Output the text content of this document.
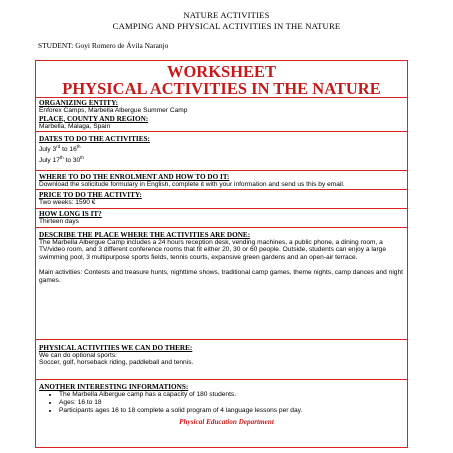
NATURE ACTIVITIES
CAMPING AND PHYSICAL ACTIVITIES IN THE NATURE
STUDENT: Goyi Romero de Ávila Naranjo
WORKSHEET
PHYSICAL ACTIVITIES IN THE NATURE
ORGANIZING ENTITY:
Enforex Camps, Marbella Albergue Summer Camp
PLACE, COUNTY AND REGION:
Marbella, Malaga, Spain
DATES TO DO THE ACTIVITIES:
July 3rd to 16th
July 17th to 30th
WHERE TO DO THE ENROLMENT AND HOW TO DO IT:
Download the solicitude formulary in English, complete it with your information and send us this by email.
PRICE TO DO THE ACTIVITY:
Two weeks: 1590 €
HOW LONG IS IT?
Thirteen days
DESCRIBE THE PLACE WHERE THE ACTIVITIES ARE DONE:
The Marbella Albergue Camp includes a 24 hours reception desk, vending machines, a public phone, a dining room, a TV/video room, and 3 different conference rooms that fit either 20, 30 or 60 people. Outside, students can enjoy a large swimming pool, 3 multipurpose sports fields, tennis courts, expansive green gardens and an open-air terrace.
Main activities: Contests and treasure hunts, nighttime shows, traditional camp games, theme nights, camp dances and night games.
PHYSICAL ACTIVITIES WE CAN DO THERE:
We can do optional sports:
Soccer, golf, horseback riding, paddleball and tennis.
ANOTHER INTERESTING INFORMATIONS:
• The Marbella Albergue camp has a capacity of 180 students.
• Ages: 16 to 18
• Participants ages 16 to 18 complete a solid program of 4 language lessons per day.
Physical Education Department
